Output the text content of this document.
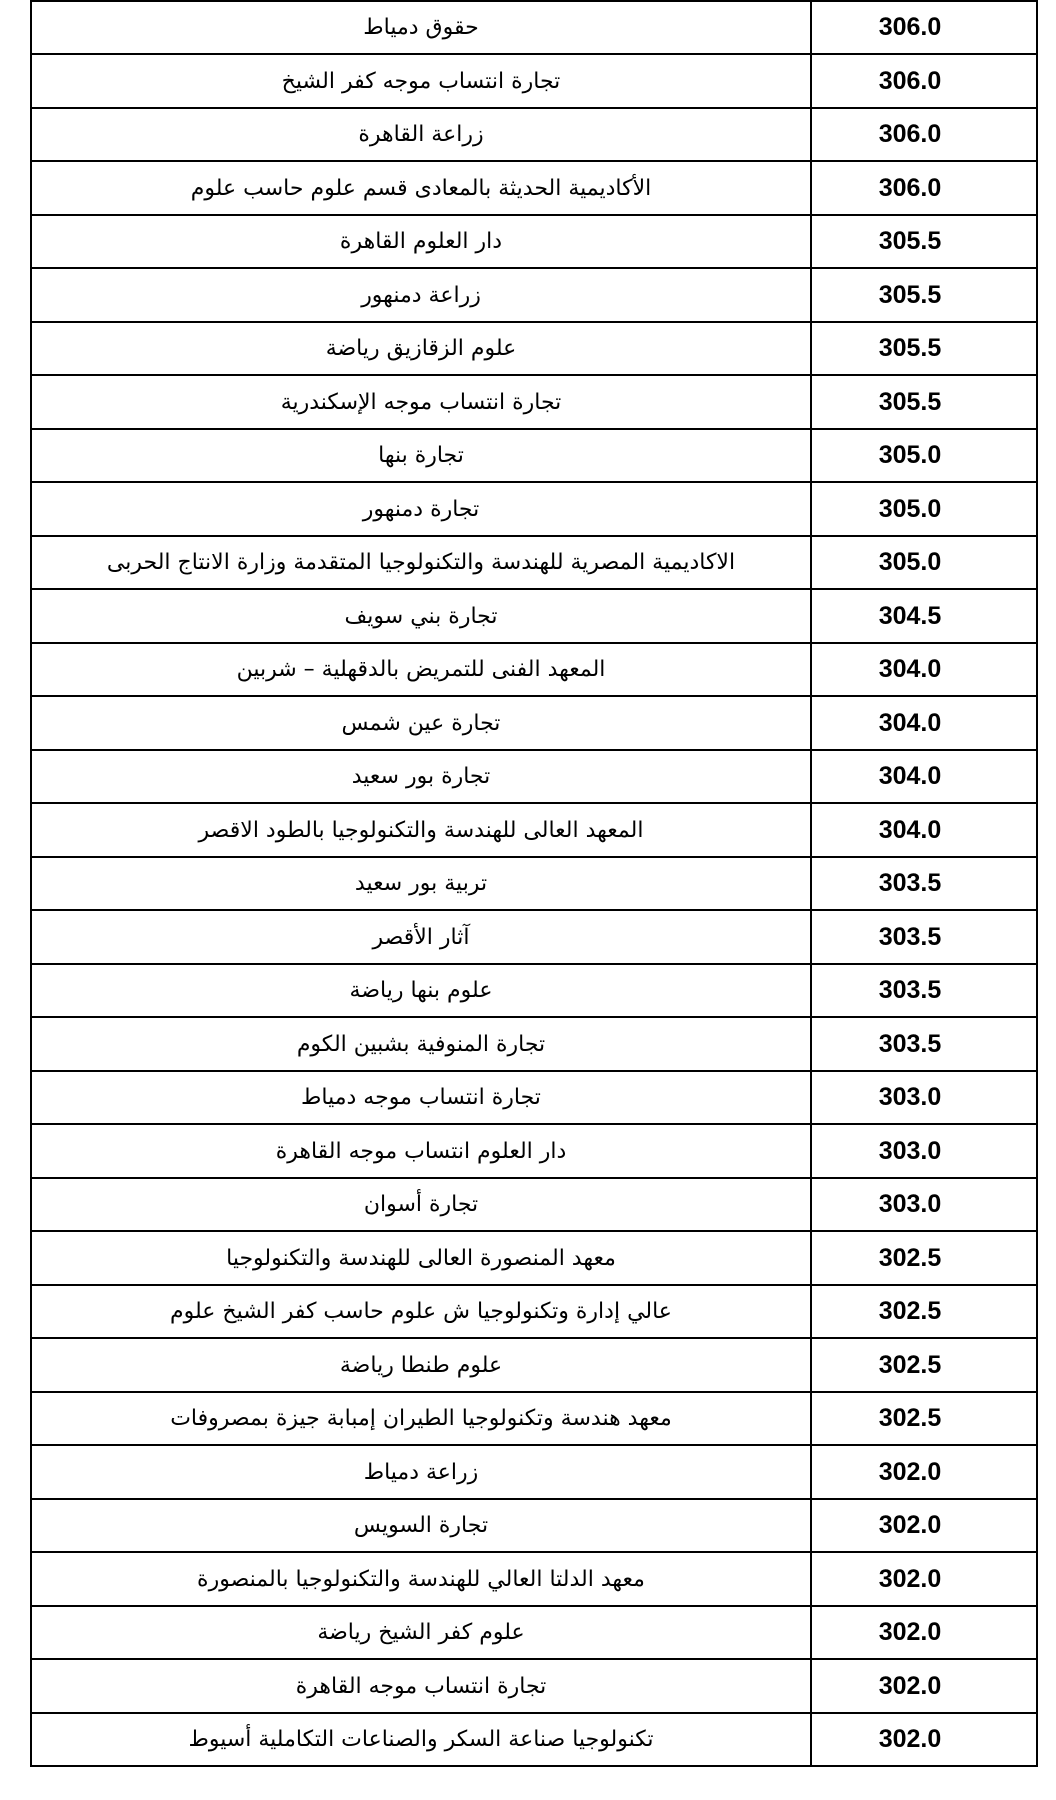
حقوق دمياط	306.0
تجارة انتساب موجه كفر الشيخ	306.0
زراعة القاهرة	306.0
الأكاديمية الحديثة بالمعادى قسم علوم حاسب علوم	306.0
دار العلوم القاهرة	305.5
زراعة دمنهور	305.5
علوم الزقازيق رياضة	305.5
تجارة انتساب موجه الإسكندرية	305.5
تجارة بنها	305.0
تجارة دمنهور	305.0
الاكاديمية المصرية للهندسة والتكنولوجيا المتقدمة وزارة الانتاج الحربى	305.0
تجارة بني سويف	304.5
المعهد الفنى للتمريض بالدقهلية – شربين	304.0
تجارة عين شمس	304.0
تجارة بور سعيد	304.0
المعهد العالى للهندسة والتكنولوجيا بالطود الاقصر	304.0
تربية بور سعيد	303.5
آثار الأقصر	303.5
علوم بنها رياضة	303.5
تجارة المنوفية بشبين الكوم	303.5
تجارة انتساب موجه دمياط	303.0
دار العلوم انتساب موجه القاهرة	303.0
تجارة أسوان	303.0
معهد المنصورة العالى للهندسة والتكنولوجيا	302.5
عالي إدارة وتكنولوجيا ش علوم حاسب كفر الشيخ علوم	302.5
علوم طنطا رياضة	302.5
معهد هندسة وتكنولوجيا الطيران إمبابة جيزة بمصروفات	302.5
زراعة دمياط	302.0
تجارة السويس	302.0
معهد الدلتا العالي للهندسة والتكنولوجيا بالمنصورة	302.0
علوم كفر الشيخ رياضة	302.0
تجارة انتساب موجه القاهرة	302.0
تكنولوجيا صناعة السكر والصناعات التكاملية أسيوط	302.0
